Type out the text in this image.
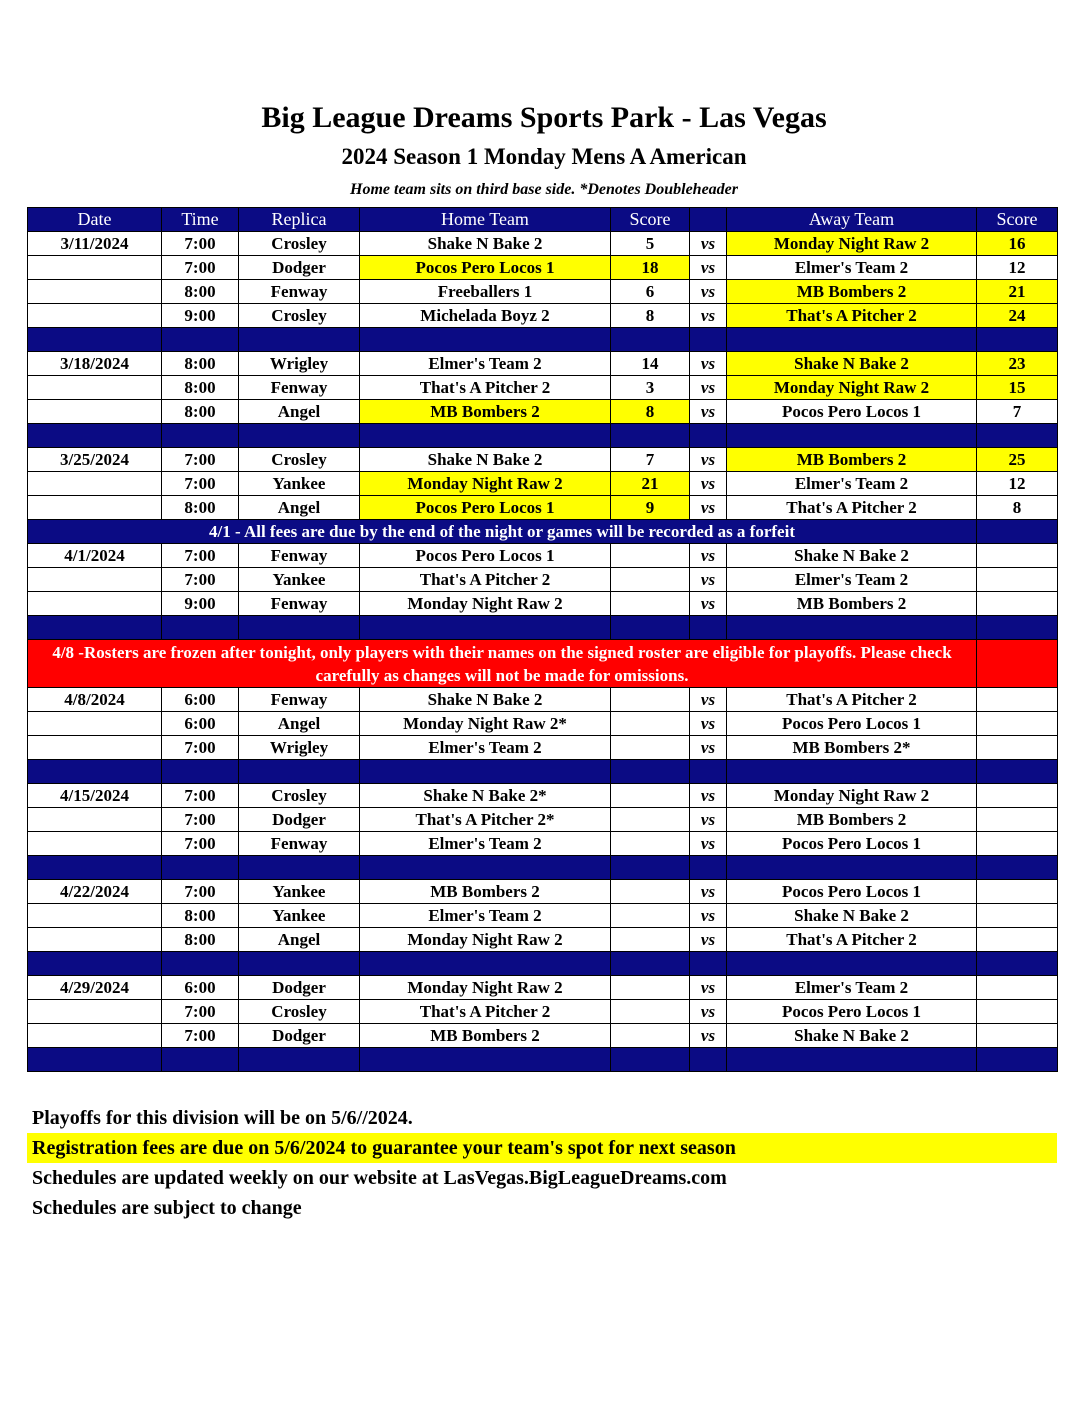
Big League Dreams Sports Park - Las Vegas
2024 Season 1 Monday Mens A American
Home team sits on third base side. *Denotes Doubleheader
Date	Time	Replica	Home Team	Score		Away Team	Score
3/11/2024	7:00	Crosley	Shake N Bake 2	5	vs	Monday Night Raw 2	16
	7:00	Dodger	Pocos Pero Locos 1	18	vs	Elmer's Team 2	12
	8:00	Fenway	Freeballers 1	6	vs	MB Bombers 2	21
	9:00	Crosley	Michelada Boyz 2	8	vs	That's A Pitcher 2	24

3/18/2024	8:00	Wrigley	Elmer's Team 2	14	vs	Shake N Bake 2	23
	8:00	Fenway	That's A Pitcher 2	3	vs	Monday Night Raw 2	15
	8:00	Angel	MB Bombers 2	8	vs	Pocos Pero Locos 1	7

3/25/2024	7:00	Crosley	Shake N Bake 2	7	vs	MB Bombers 2	25
	7:00	Yankee	Monday Night Raw 2	21	vs	Elmer's Team 2	12
	8:00	Angel	Pocos Pero Locos 1	9	vs	That's A Pitcher 2	8
4/1 - All fees are due by the end of the night or games will be recorded as a forfeit							
4/1/2024	7:00	Fenway	Pocos Pero Locos 1		vs	Shake N Bake 2	
	7:00	Yankee	That's A Pitcher 2		vs	Elmer's Team 2	
	9:00	Fenway	Monday Night Raw 2		vs	MB Bombers 2	

4/8 -Rosters are frozen after tonight, only players with their names on the signed roster are eligible for playoffs. Please check carefully as changes will not be made for omissions.							
4/8/2024	6:00	Fenway	Shake N Bake 2		vs	That's A Pitcher 2	
	6:00	Angel	Monday Night Raw 2*		vs	Pocos Pero Locos 1	
	7:00	Wrigley	Elmer's Team 2		vs	MB Bombers 2*	

4/15/2024	7:00	Crosley	Shake N Bake 2*		vs	Monday Night Raw 2	
	7:00	Dodger	That's A Pitcher 2*		vs	MB Bombers 2	
	7:00	Fenway	Elmer's Team 2		vs	Pocos Pero Locos 1	

4/22/2024	7:00	Yankee	MB Bombers 2		vs	Pocos Pero Locos 1	
	8:00	Yankee	Elmer's Team 2		vs	Shake N Bake 2	
	8:00	Angel	Monday Night Raw 2		vs	That's A Pitcher 2	

4/29/2024	6:00	Dodger	Monday Night Raw 2		vs	Elmer's Team 2	
	7:00	Crosley	That's A Pitcher 2		vs	Pocos Pero Locos 1	
	7:00	Dodger	MB Bombers 2		vs	Shake N Bake 2	

Playoffs for this division will be on 5/6//2024.
Registration fees are due on 5/6/2024 to guarantee your team's spot for next season
Schedules are updated weekly on our website at LasVegas.BigLeagueDreams.com
Schedules are subject to change
